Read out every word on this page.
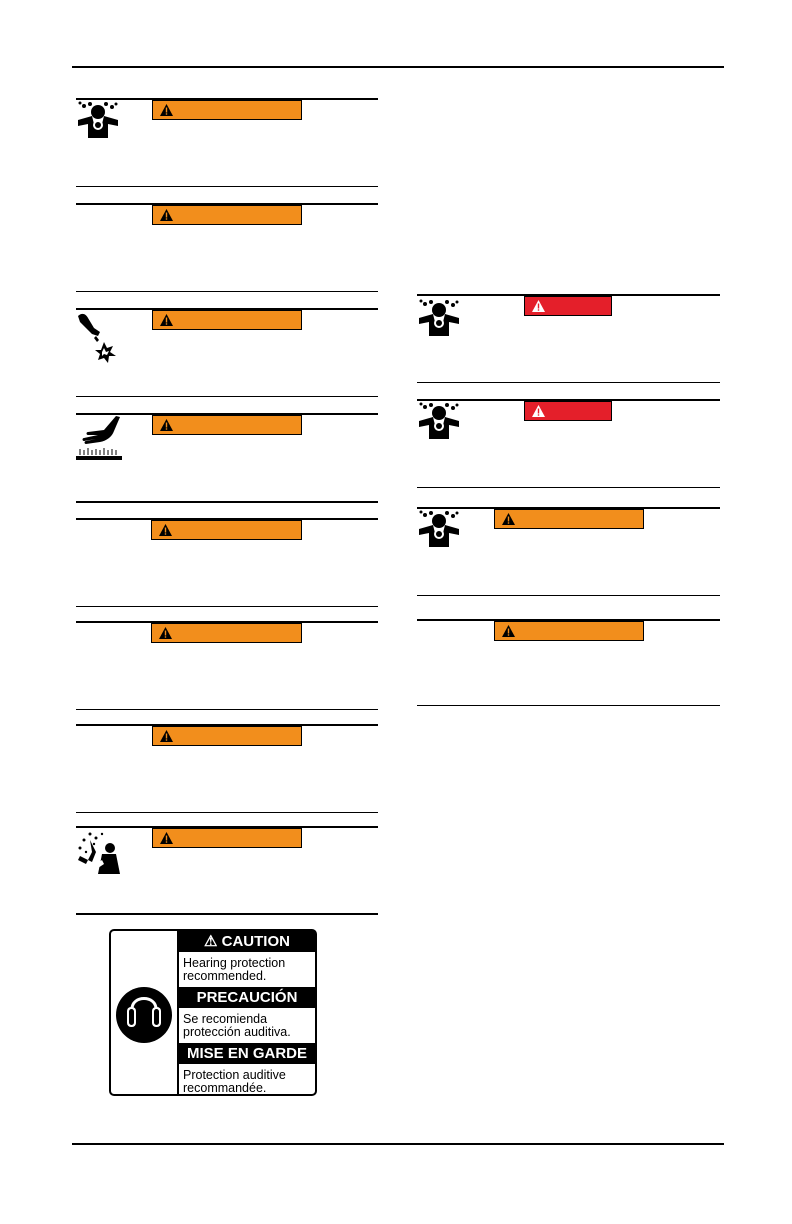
⚠ CAUTION
Hearing protection recommended.
PRECAUCIÓN
Se recomienda protección auditiva.
MISE EN GARDE
Protection auditive recommandée.
